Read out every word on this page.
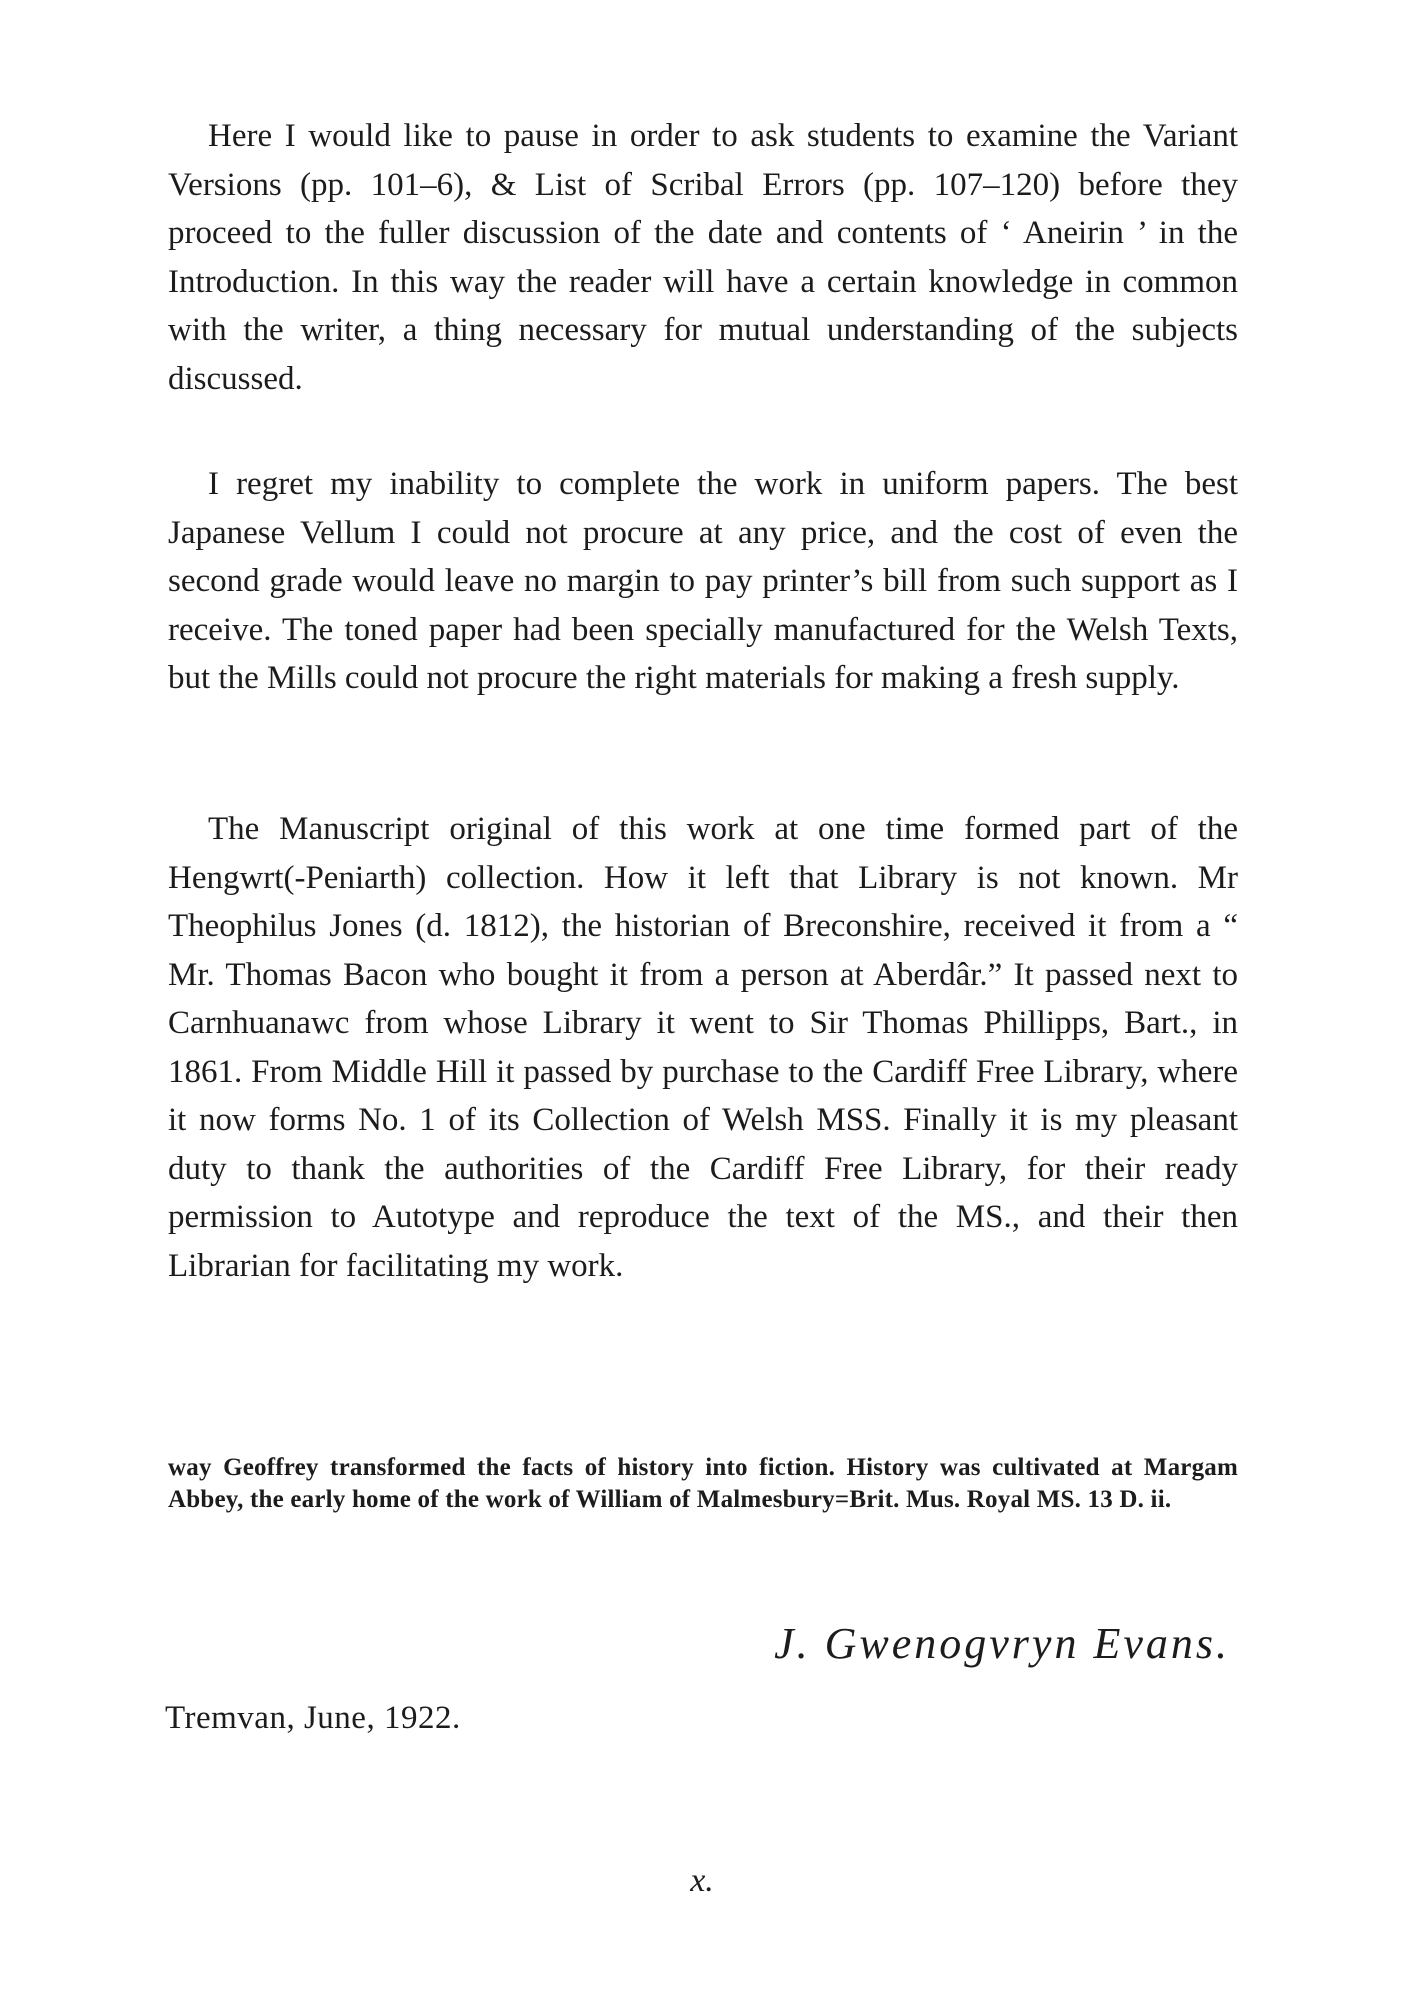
Here I would like to pause in order to ask students to examine the Variant Versions (pp. 101–6), & List of Scribal Errors (pp. 107–120) before they proceed to the fuller discussion of the date and contents of ‘ Aneirin ’ in the Introduction. In this way the reader will have a certain knowledge in common with the writer, a thing necessary for mutual understanding of the subjects discussed.

I regret my inability to complete the work in uniform papers. The best Japanese Vellum I could not procure at any price, and the cost of even the second grade would leave no margin to pay printer’s bill from such support as I receive. The toned paper had been specially manufactured for the Welsh Texts, but the Mills could not procure the right materials for making a fresh supply.

The Manuscript original of this work at one time formed part of the Hengwrt(-Peniarth) collection. How it left that Library is not known. Mr Theophilus Jones (d. 1812), the historian of Breconshire, received it from a “ Mr. Thomas Bacon who bought it from a person at Aberdâr.” It passed next to Carnhuanawc from whose Library it went to Sir Thomas Phillipps, Bart., in 1861. From Middle Hill it passed by purchase to the Cardiff Free Library, where it now forms No. 1 of its Collection of Welsh MSS. Finally it is my pleasant duty to thank the authorities of the Cardiff Free Library, for their ready permission to Autotype and reproduce the text of the MS., and their then Librarian for facilitating my work.

way Geoffrey transformed the facts of history into fiction. History was cultivated at Margam Abbey, the early home of the work of William of Malmesbury=Brit. Mus. Royal MS. 13 D. ii.

J. Gwenogvryn Evans.
Tremvan, June, 1922.
x.
